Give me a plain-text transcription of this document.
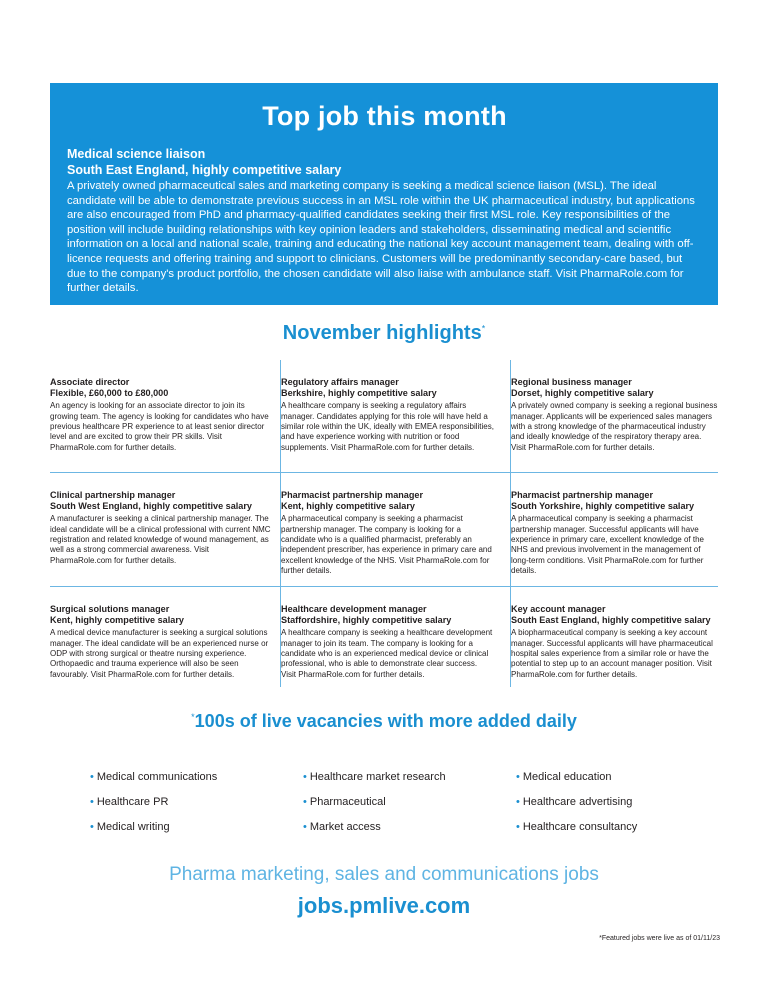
Top job this month
Medical science liaison
South East England, highly competitive salary
A privately owned pharmaceutical sales and marketing company is seeking a medical science liaison (MSL). The ideal candidate will be able to demonstrate previous success in an MSL role within the UK pharmaceutical industry, but applications are also encouraged from PhD and pharmacy-qualified candidates seeking their first MSL role. Key responsibilities of the position will include building relationships with key opinion leaders and stakeholders, disseminating medical and scientific information on a local and national scale, training and educating the national key account management team, dealing with off-licence requests and offering training and support to clinicians. Customers will be predominantly secondary-care based, but due to the company's product portfolio, the chosen candidate will also liaise with ambulance staff. Visit PharmaRole.com for further details.
November highlights*
Associate director
Flexible, £60,000 to £80,000
An agency is looking for an associate director to join its growing team. The agency is looking for candidates who have previous healthcare PR experience to at least senior director level and are excited to grow their PR skills. Visit PharmaRole.com for further details.
Regulatory affairs manager
Berkshire, highly competitive salary
A healthcare company is seeking a regulatory affairs manager. Candidates applying for this role will have held a similar role within the UK, ideally with EMEA responsibilities, and have experience working with nutrition or food supplements. Visit PharmaRole.com for further details.
Regional business manager
Dorset, highly competitive salary
A privately owned company is seeking a regional business manager. Applicants will be experienced sales managers with a strong knowledge of the pharmaceutical industry and ideally knowledge of the respiratory therapy area. Visit PharmaRole.com for further details.
Clinical partnership manager
South West England, highly competitive salary
A manufacturer is seeking a clinical partnership manager. The ideal candidate will be a clinical professional with current NMC registration and related knowledge of wound management, as well as a strong commercial awareness. Visit PharmaRole.com for further details.
Pharmacist partnership manager
Kent, highly competitive salary
A pharmaceutical company is seeking a pharmacist partnership manager. The company is looking for a candidate who is a qualified pharmacist, preferably an independent prescriber, has experience in primary care and excellent knowledge of the NHS. Visit PharmaRole.com for further details.
Pharmacist partnership manager
South Yorkshire, highly competitive salary
A pharmaceutical company is seeking a pharmacist partnership manager. Successful applicants will have experience in primary care, excellent knowledge of the NHS and previous involvement in the management of long-term conditions. Visit PharmaRole.com for further details.
Surgical solutions manager
Kent, highly competitive salary
A medical device manufacturer is seeking a surgical solutions manager. The ideal candidate will be an experienced nurse or ODP with strong surgical or theatre nursing experience. Orthopaedic and trauma experience will also be seen favourably. Visit PharmaRole.com for further details.
Healthcare development manager
Staffordshire, highly competitive salary
A healthcare company is seeking a healthcare development manager to join its team. The company is looking for a candidate who is an experienced medical device or clinical professional, who is able to demonstrate clear success. Visit PharmaRole.com for further details.
Key account manager
South East England, highly competitive salary
A biopharmaceutical company is seeking a key account manager. Successful applicants will have pharmaceutical hospital sales experience from a similar role or have the potential to step up to an account manager position. Visit PharmaRole.com for further details.
*100s of live vacancies with more added daily
• Medical communications
• Healthcare PR
• Medical writing
• Healthcare market research
• Pharmaceutical
• Market access
• Medical education
• Healthcare advertising
• Healthcare consultancy
Pharma marketing, sales and communications jobs
jobs.pmlive.com
*Featured jobs were live as of 01/11/23
